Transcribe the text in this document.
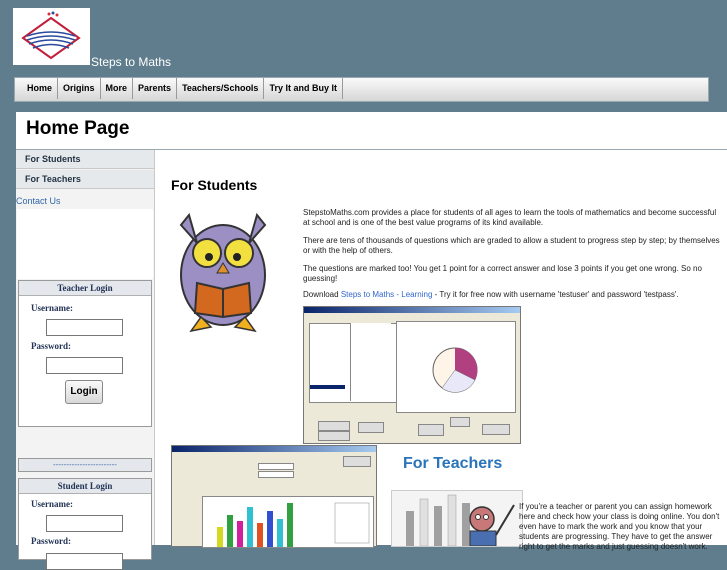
Steps to Maths
Home	Origins	More	Parents	Teachers/Schools	Try It and Buy It
Home Page
For Students
For Teachers
Contact Us
Teacher Login
Username:
Password:
Login
------------------------
Student Login
Username:
Password:
For Students
StepstoMaths.com provides a place for students of all ages to learn the tools of mathematics and become successful at school and is one of the best value programs of its kind available.
There are tens of thousands of questions which are graded to allow a student to progress step by step; by themselves or with the help of others.
The questions are marked too! You get 1 point for a correct answer and lose 3 points if you get one wrong. So no guessing!
Download Steps to Maths - Learning - Try it for free now with username 'testuser' and password 'testpass'.
For Teachers
If you're a teacher or parent you can assign homework here and check how your class is doing online. You don't even have to mark the work and you know that your students are progressing. They have to get the answer right to get the marks and just guessing doesn't work.
